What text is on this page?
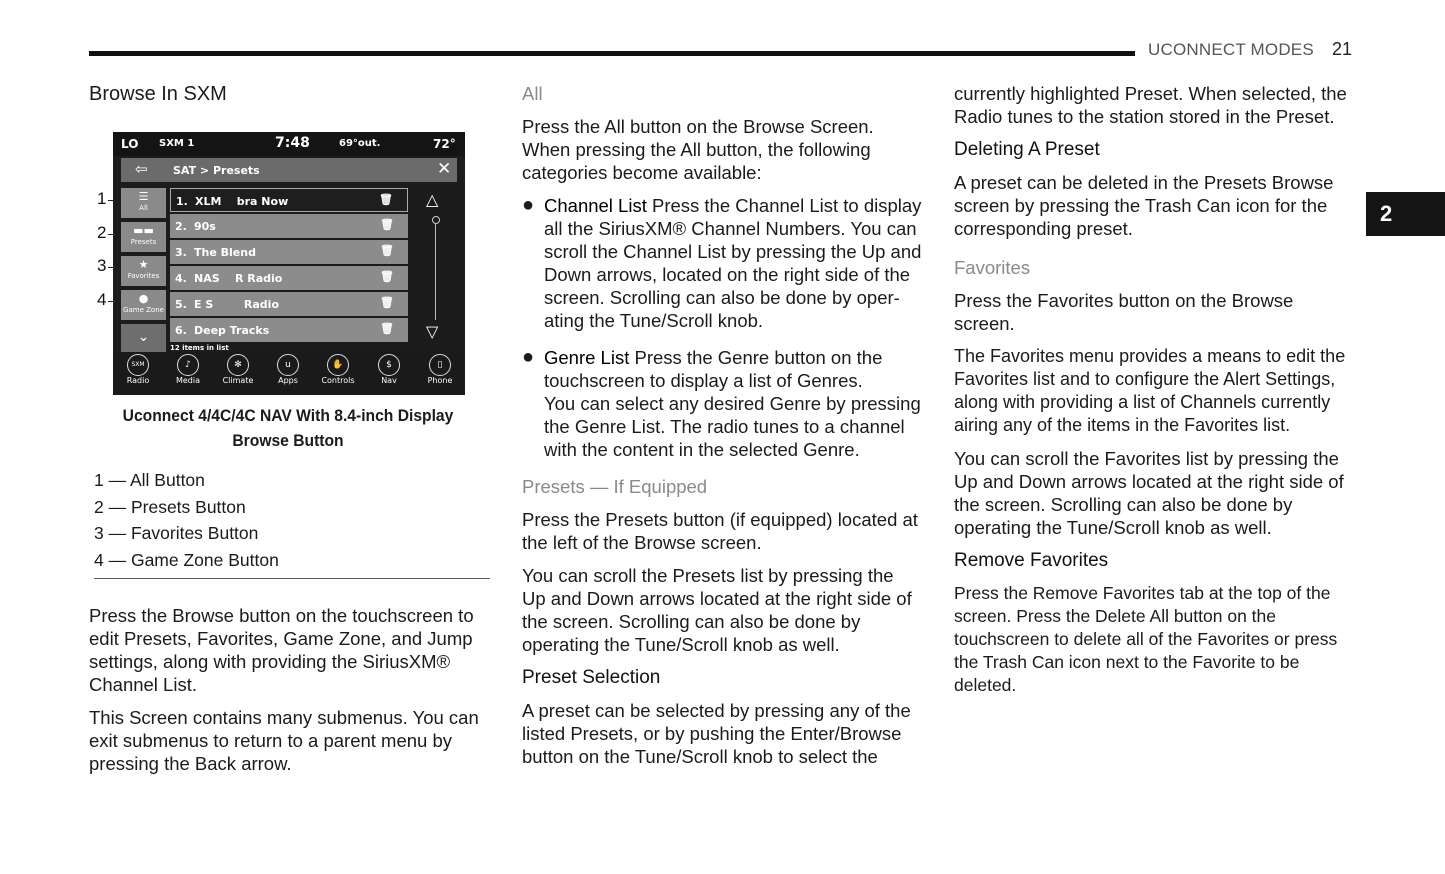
UCONNECT MODES 21
2
Browse In SXM
1
2
3
4
LO SXM 1	7:48	69°out.	72°
⇦ SAT > Presets	✕
☰
All
▬▬
Presets
★
Favorites
●
Game Zone
⌄
1. XLM    bra Now	🗑
2. 90s	🗑
3. The Blend	🗑
4. NAS    R Radio	🗑
5. E S        Radio	🗑
6. Deep Tracks	🗑
12 items in list
△
▽
SXM
Radio
♪
Media
✻
Climate
u
Apps
✋
Controls
$
Nav
▯
Phone
Uconnect 4/4C/4C NAV With 8.4-inch Display Browse Button
1 — All Button
2 — Presets Button
3 — Favorites Button
4 — Game Zone Button

Press the Browse button on the touchscreen to edit Presets, Favorites, Game Zone, and Jump settings, along with providing the SiriusXM® Channel List.

This Screen contains many submenus. You can exit submenus to return to a parent menu by pressing the Back arrow.

All

Press the All button on the Browse Screen. When pressing the All button, the following categories become available:

● Channel List Press the Channel List to display all the SiriusXM® Channel Numbers. You can scroll the Channel List by pressing the Up and Down arrows, located on the right side of the screen. Scrolling can also be done by oper-ating the Tune/Scroll knob.
● Genre List Press the Genre button on the touchscreen to display a list of Genres.
You can select any desired Genre by pressing the Genre List. The radio tunes to a channel with the content in the selected Genre.
Presets — If Equipped

Press the Presets button (if equipped) located at the left of the Browse screen.

You can scroll the Presets list by pressing the Up and Down arrows located at the right side of the screen. Scrolling can also be done by operating the Tune/Scroll knob as well.

Preset Selection

A preset can be selected by pressing any of the listed Presets, or by pushing the Enter/Browse button on the Tune/Scroll knob to select the

currently highlighted Preset. When selected, the Radio tunes to the station stored in the Preset.

Deleting A Preset

A preset can be deleted in the Presets Browse screen by pressing the Trash Can icon for the corresponding preset.

Favorites

Press the Favorites button on the Browse screen.

The Favorites menu provides a means to edit the Favorites list and to configure the Alert Settings, along with providing a list of Channels currently airing any of the items in the Favorites list.

You can scroll the Favorites list by pressing the Up and Down arrows located at the right side of the screen. Scrolling can also be done by operating the Tune/Scroll knob as well.

Remove Favorites

Press the Remove Favorites tab at the top of the screen. Press the Delete All button on the touchscreen to delete all of the Favorites or press the Trash Can icon next to the Favorite to be deleted.
